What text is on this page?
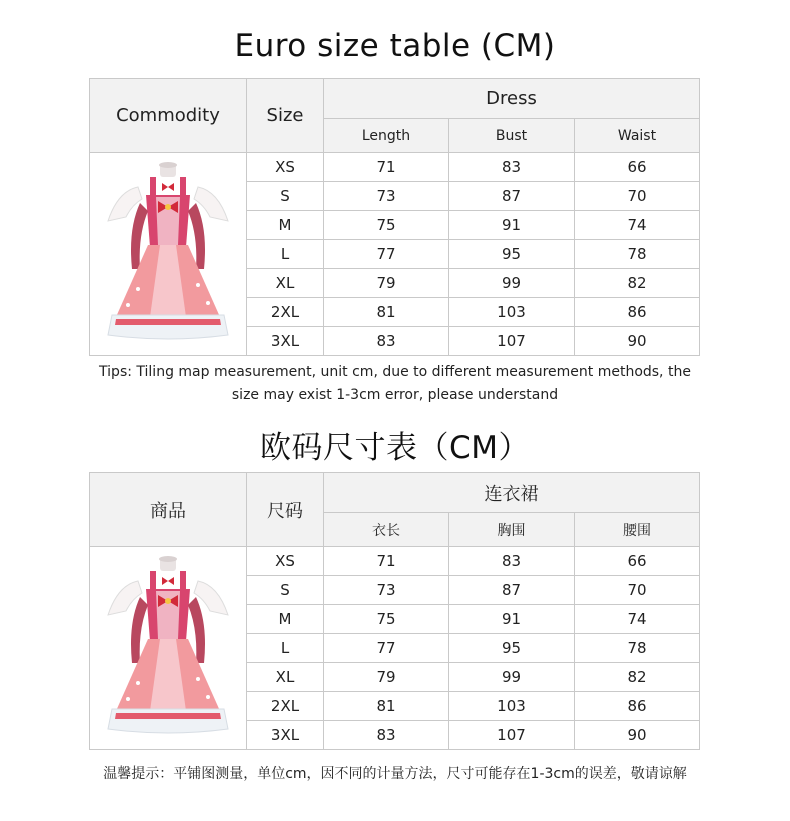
Euro size table (CM)
Commodity	Size	Dress		
		Length	Bust	Waist

	XS	71	83	66
	S	73	87	70
	M	75	91	74
	L	77	95	78
	XL	79	99	82
	2XL	81	103	86
	3XL	83	107	90
Tips: Tiling map measurement, unit cm, due to different measurement methods, the size may exist 1-3cm error, please understand
欧码尺寸表（CM）
商品	尺码	连衣裙		
		衣长	胸围	腰围

	XS	71	83	66
	S	73	87	70
	M	75	91	74
	L	77	95	78
	XL	79	99	82
	2XL	81	103	86
	3XL	83	107	90
温馨提示：平铺图测量，单位cm，因不同的计量方法，尺寸可能存在1-3cm的误差，敬请谅解
